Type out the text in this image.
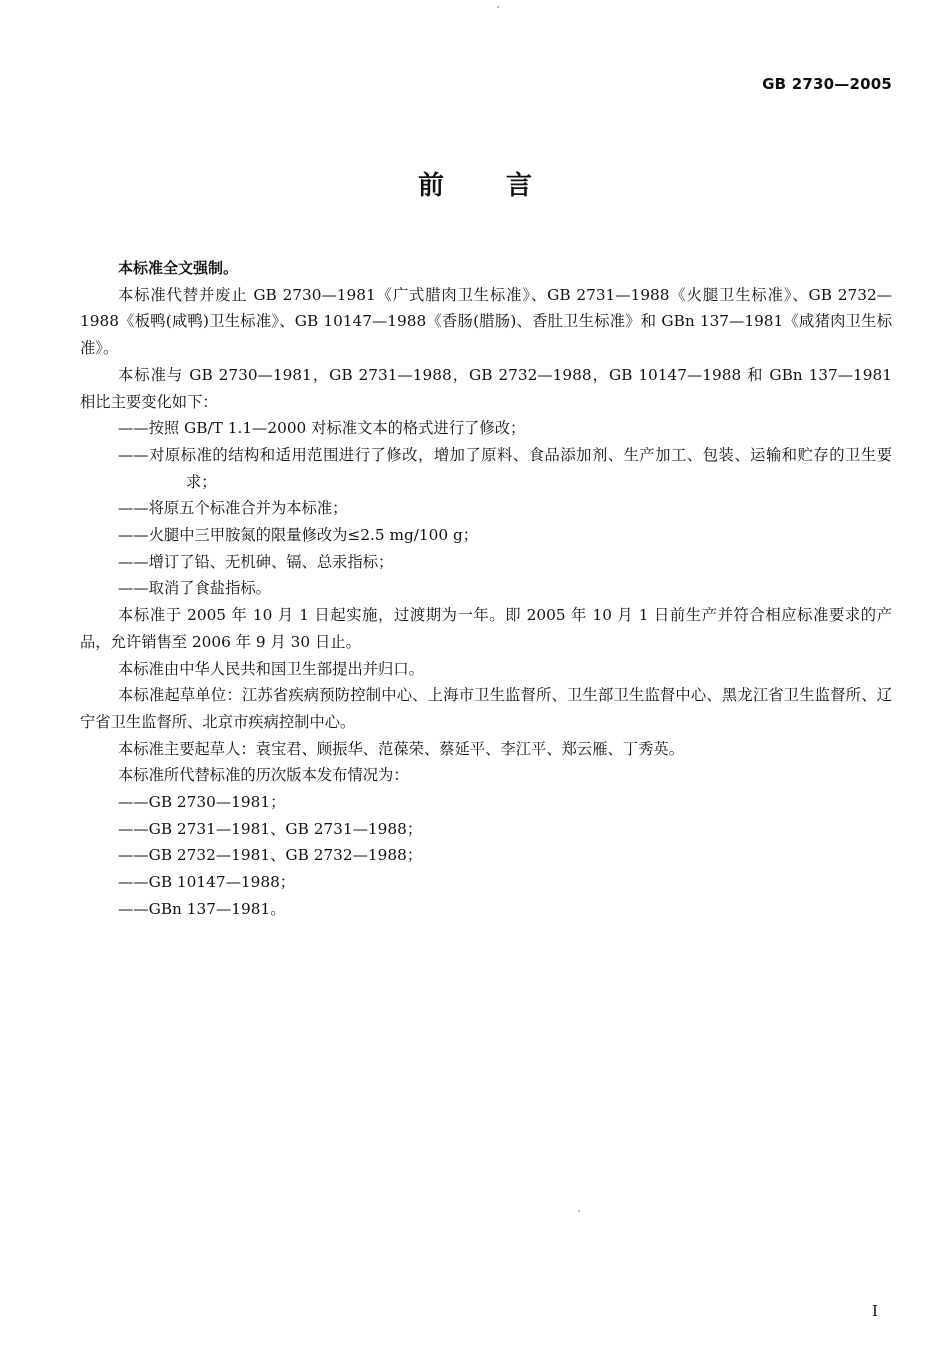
GB 2730—2005
前言

本标准全文强制。

本标准代替并废止 GB 2730—1981《广式腊肉卫生标准》、GB 2731—1988《火腿卫生标准》、GB 2732—1988《板鸭(咸鸭)卫生标准》、GB 10147—1988《香肠(腊肠)、香肚卫生标准》和 GBn 137—1981《咸猪肉卫生标准》。

本标准与 GB 2730—1981，GB 2731—1988，GB 2732—1988，GB 10147—1988 和 GBn 137—1981 相比主要变化如下：

——按照 GB/T 1.1—2000 对标准文本的格式进行了修改；

——对原标准的结构和适用范围进行了修改，增加了原料、食品添加剂、生产加工、包装、运输和贮存的卫生要求；

——将原五个标准合并为本标准；

——火腿中三甲胺氮的限量修改为≤2.5 mg/100 g；

——增订了铅、无机砷、镉、总汞指标；

——取消了食盐指标。

本标准于 2005 年 10 月 1 日起实施，过渡期为一年。即 2005 年 10 月 1 日前生产并符合相应标准要求的产品，允许销售至 2006 年 9 月 30 日止。

本标准由中华人民共和国卫生部提出并归口。

本标准起草单位：江苏省疾病预防控制中心、上海市卫生监督所、卫生部卫生监督中心、黑龙江省卫生监督所、辽宁省卫生监督所、北京市疾病控制中心。

本标准主要起草人：袁宝君、顾振华、范葆荣、蔡延平、李江平、郑云雁、丁秀英。

本标准所代替标准的历次版本发布情况为：

——GB 2730—1981；

——GB 2731—1981、GB 2731—1988；

——GB 2732—1981、GB 2732—1988；

——GB 10147—1988；

——GBn 137—1981。

I
